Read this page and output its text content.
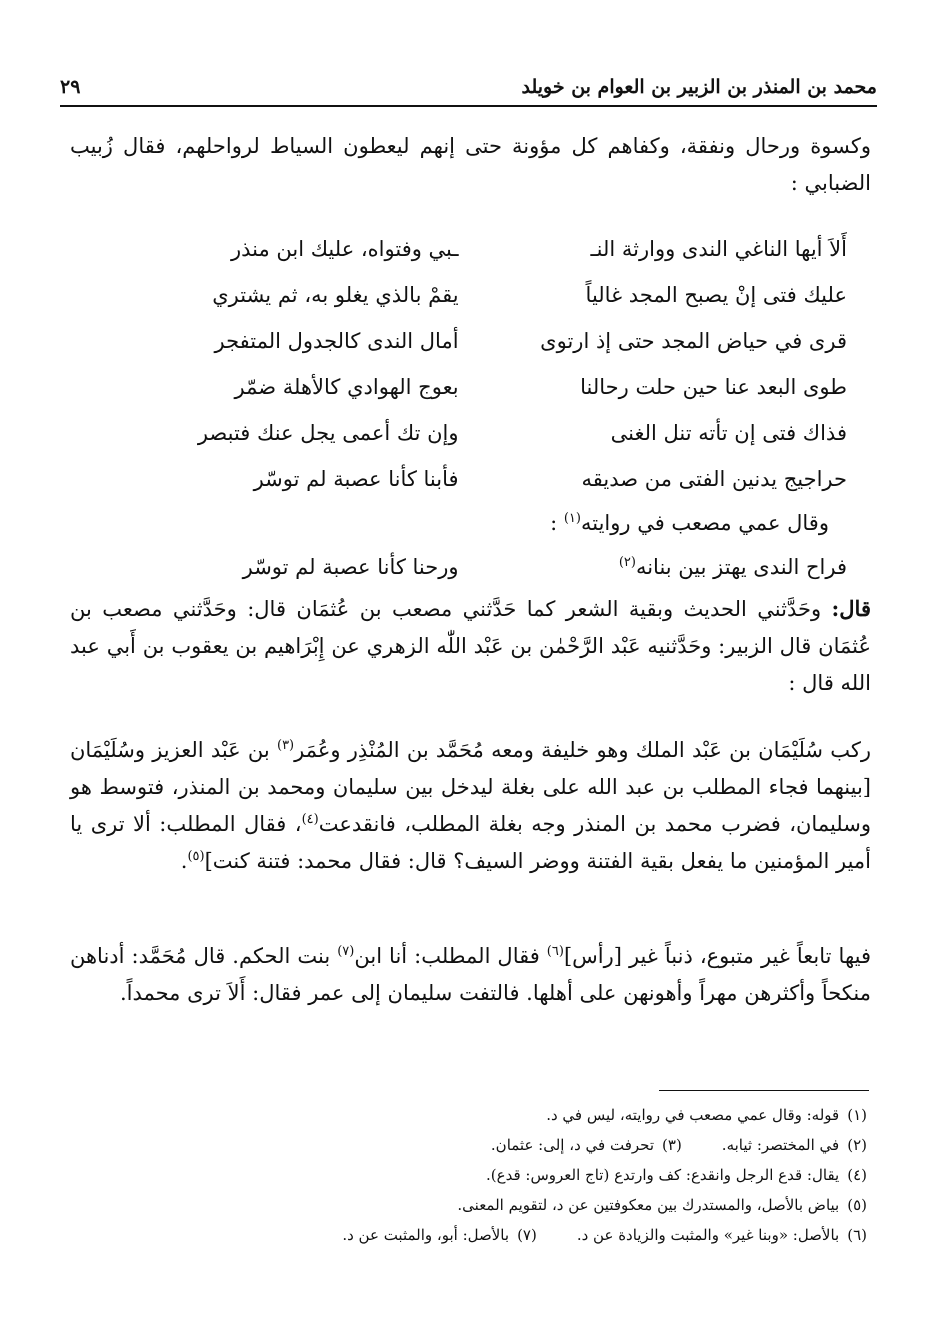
محمد بن المنذر بن الزبير بن العوام بن خويلد
٢٩
وكسوة ورحال ونفقة، وكفاهم كل مؤونة حتى إنهم ليعطون السياط لرواحلهم، فقال زُبيب الضبابي :
أَلاَ أيها الناغي الندى ووارثة النـ
ـبي وفتواه، عليك ابن منذر
عليك فتى إنْ يصبح المجد غالياً
يقمْ بالذي يغلو به، ثم يشتري
قرى في حياض المجد حتى إذ ارتوى
أمال الندى كالجدول المتفجر
طوى البعد عنا حين حلت رحالنا
بعوج الهوادي كالأهلة ضمّر
فذاك فتى إن تأته تنل الغنى
وإن تك أعمى يجل عنك فتبصر
حراجيج يدنين الفتى من صديقه
فأبنا كأنا عصبة لم توسّر
وقال عمي مصعب في روايته$^{(١)}$ :
فراح الندى يهتز بين بنانه$^{(٢)}$
ورحنا كأنا عصبة لم توسّر
قال: وحَدَّثني الحديث وبقية الشعر كما حَدَّثني مصعب بن عُثمَان قال: وحَدَّثني مصعب بن عُثمَان قال الزبير: وحَدَّثنيه عَبْد الرَّحْمٰن بن عَبْد اللّٰه الزهري عن إِبْرَاهيم بن يعقوب بن أَبي عبد الله قال :
ركب سُلَيْمَان بن عَبْد الملك وهو خليفة ومعه مُحَمَّد بن المُنْذِر وعُمَر$^{(٣)}$ بن عَبْد العزيز وسُلَيْمَان [بينهما فجاء المطلب بن عبد الله على بغلة ليدخل بين سليمان ومحمد بن المنذر، فتوسط هو وسليمان، فضرب محمد بن المنذر وجه بغلة المطلب، فانقدعت$^{(٤)}$، فقال المطلب: ألا ترى يا أمير المؤمنين ما يفعل بقية الفتنة ووضر السيف؟ قال: فقال محمد: فتنة كنت]$^{(٥)}$.
فيها تابعاً غير متبوع، ذنباً غير [رأس]$^{(٦)}$ فقال المطلب: أنا ابن$^{(٧)}$ بنت الحكم. قال مُحَمَّد: أدناهن منكحاً وأكثرهن مهراً وأهونهن على أهلها. فالتفت سليمان إلى عمر فقال: أَلاَ ترى محمداً.
(١)
قوله: وقال عمي مصعب في روايته، ليس في د.
(٢)
في المختصر: ثيابه.
(٣)
تحرفت في د، إلى: عثمان.
(٤)
يقال: قدع الرجل وانقدع: كف وارتدع (تاج العروس: قدع).
(٥)
بياض بالأصل، والمستدرك بين معكوفتين عن د، لتقويم المعنى.
(٦)
بالأصل: «وبنا غير» والمثبت والزيادة عن د.
(٧)
بالأصل: أبو، والمثبت عن د.
